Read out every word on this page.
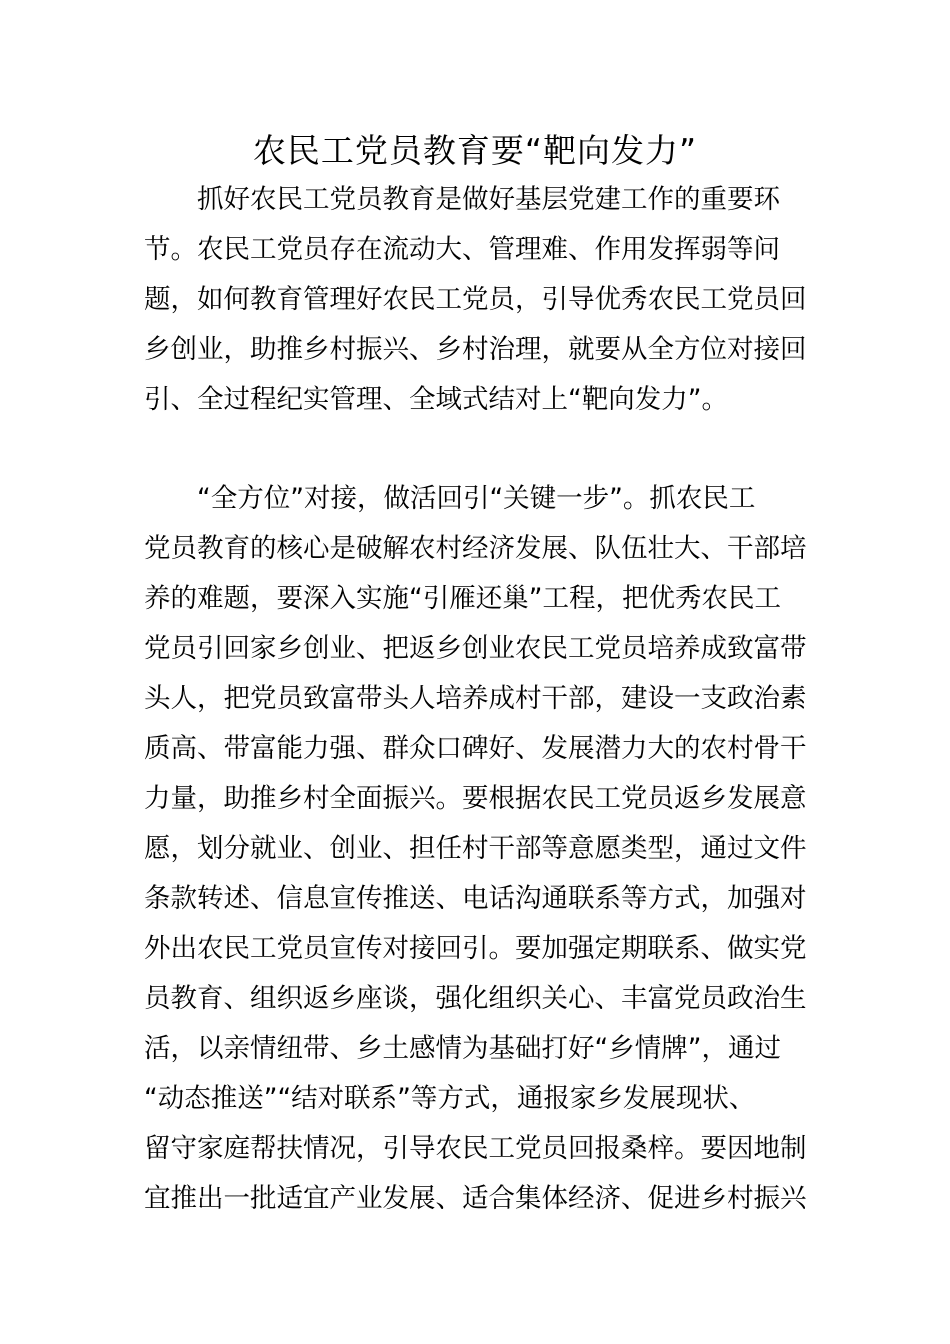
农民工党员教育要“靶向发力”
　　抓好农民工党员教育是做好基层党建工作的重要环
节。农民工党员存在流动大、管理难、作用发挥弱等问
题，如何教育管理好农民工党员，引导优秀农民工党员回
乡创业，助推乡村振兴、乡村治理，就要从全方位对接回
引、全过程纪实管理、全域式结对上“靶向发力”。
　　“全方位”对接，做活回引“关键一步”。抓农民工
党员教育的核心是破解农村经济发展、队伍壮大、干部培
养的难题，要深入实施“引雁还巢”工程，把优秀农民工
党员引回家乡创业、把返乡创业农民工党员培养成致富带
头人，把党员致富带头人培养成村干部，建设一支政治素
质高、带富能力强、群众口碑好、发展潜力大的农村骨干
力量，助推乡村全面振兴。要根据农民工党员返乡发展意
愿，划分就业、创业、担任村干部等意愿类型，通过文件
条款转述、信息宣传推送、电话沟通联系等方式，加强对
外出农民工党员宣传对接回引。要加强定期联系、做实党
员教育、组织返乡座谈，强化组织关心、丰富党员政治生
活，以亲情纽带、乡土感情为基础打好“乡情牌”，通过
“动态推送”“结对联系”等方式，通报家乡发展现状、
留守家庭帮扶情况，引导农民工党员回报桑梓。要因地制
宜推出一批适宜产业发展、适合集体经济、促进乡村振兴
